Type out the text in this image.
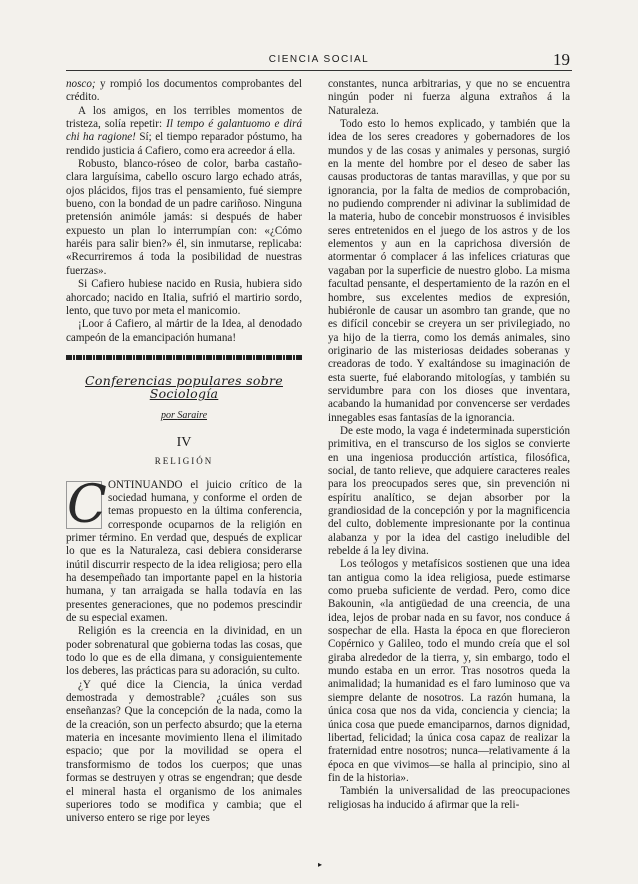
CIENCIA SOCIAL	19

nosco; y rompió los documentos comprobantes del crédito.

A los amigos, en los terribles momentos de tristeza, solía repetir: Il tempo é galantuomo e dirá chi ha ragione! Sí; el tiempo reparador póstumo, ha rendido justicia á Cafiero, como era acreedor á ella.

Robusto, blanco-róseo de color, barba castaño-clara larguísima, cabello oscuro largo echado atrás, ojos plácidos, fijos tras el pensamiento, fué siempre bueno, con la bondad de un padre cariñoso. Ninguna pretensión animóle jamás: si después de haber expuesto un plan lo interrumpían con: «¿Cómo haréis para salir bien?» él, sin inmutarse, replicaba: «Recurriremos á toda la posibilidad de nuestras fuerzas».

Si Cafiero hubiese nacido en Rusia, hubiera sido ahorcado; nacido en Italia, sufrió el martirio sordo, lento, que tuvo por meta el manicomio.

¡Loor á Cafiero, al mártir de la Idea, al denodado campeón de la emancipación humana!

Conferencias populares sobre Sociología
por Saraire
IV
RELIGIÓN

C ONTINUANDO el juicio crítico de la sociedad humana, y conforme el orden de temas propuesto en la última conferencia, corresponde ocuparnos de la religión en primer término. En verdad que, después de explicar lo que es la Naturaleza, casi debiera considerarse inútil discurrir respecto de la idea religiosa; pero ella ha desempeñado tan importante papel en la historia humana, y tan arraigada se halla todavía en las presentes generaciones, que no podemos prescindir de su especial examen.

Religión es la creencia en la divinidad, en un poder sobrenatural que gobierna todas las cosas, que todo lo que es de ella dimana, y consiguientemente los deberes, las prácticas para su adoración, su culto.

¿Y qué dice la Ciencia, la única verdad demostrada y demostrable? ¿cuáles son sus enseñanzas? Que la concepción de la nada, como la de la creación, son un perfecto absurdo; que la eterna materia en incesante movimiento llena el ilimitado espacio; que por la movilidad se opera el transformismo de todos los cuerpos; que unas formas se destruyen y otras se engendran; que desde el mineral hasta el organismo de los animales superiores todo se modifica y cambia; que el universo entero se rige por leyes

constantes, nunca arbitrarias, y que no se encuentra ningún poder ni fuerza alguna extraños á la Naturaleza.

Todo esto lo hemos explicado, y también que la idea de los seres creadores y gobernadores de los mundos y de las cosas y animales y personas, surgió en la mente del hombre por el deseo de saber las causas productoras de tantas maravillas, y que por su ignorancia, por la falta de medios de comprobación, no pudiendo comprender ni adivinar la sublimidad de la materia, hubo de concebir monstruosos é invisibles seres entretenidos en el juego de los astros y de los elementos y aun en la caprichosa diversión de atormentar ó complacer á las infelices criaturas que vagaban por la superficie de nuestro globo. La misma facultad pensante, el despertamiento de la razón en el hombre, sus excelentes medios de expresión, hubiéronle de causar un asombro tan grande, que no es difícil concebir se creyera un ser privilegiado, no ya hijo de la tierra, como los demás animales, sino originario de las misteriosas deidades soberanas y creadoras de todo. Y exaltándose su imaginación de esta suerte, fué elaborando mitologías, y también su servidumbre para con los dioses que inventara, acabando la humanidad por convencerse ser verdades innegables esas fantasías de la ignorancia.

De este modo, la vaga é indeterminada superstición primitiva, en el transcurso de los siglos se convierte en una ingeniosa producción artística, filosófica, social, de tanto relieve, que adquiere caracteres reales para los preocupados seres que, sin prevención ni espíritu analítico, se dejan absorber por la grandiosidad de la concepción y por la magnificencia del culto, doblemente impresionante por la continua alabanza y por la idea del castigo ineludible del rebelde á la ley divina.

Los teólogos y metafísicos sostienen que una idea tan antigua como la idea religiosa, puede estimarse como prueba suficiente de verdad. Pero, como dice Bakounin, «la antigüedad de una creencia, de una idea, lejos de probar nada en su favor, nos conduce á sospechar de ella. Hasta la época en que florecieron Copérnico y Galileo, todo el mundo creía que el sol giraba alrededor de la tierra, y, sin embargo, todo el mundo estaba en un error. Tras nosotros queda la animalidad; la humanidad es el faro luminoso que va siempre delante de nosotros. La razón humana, la única cosa que nos da vida, conciencia y ciencia; la única cosa que puede emanciparnos, darnos dignidad, libertad, felicidad; la única cosa capaz de realizar la fraternidad entre nosotros; nunca—relativamente á la época en que vivimos—se halla al principio, sino al fin de la historia».

También la universalidad de las preocupaciones religiosas ha inducido á afirmar que la reli-

▸
